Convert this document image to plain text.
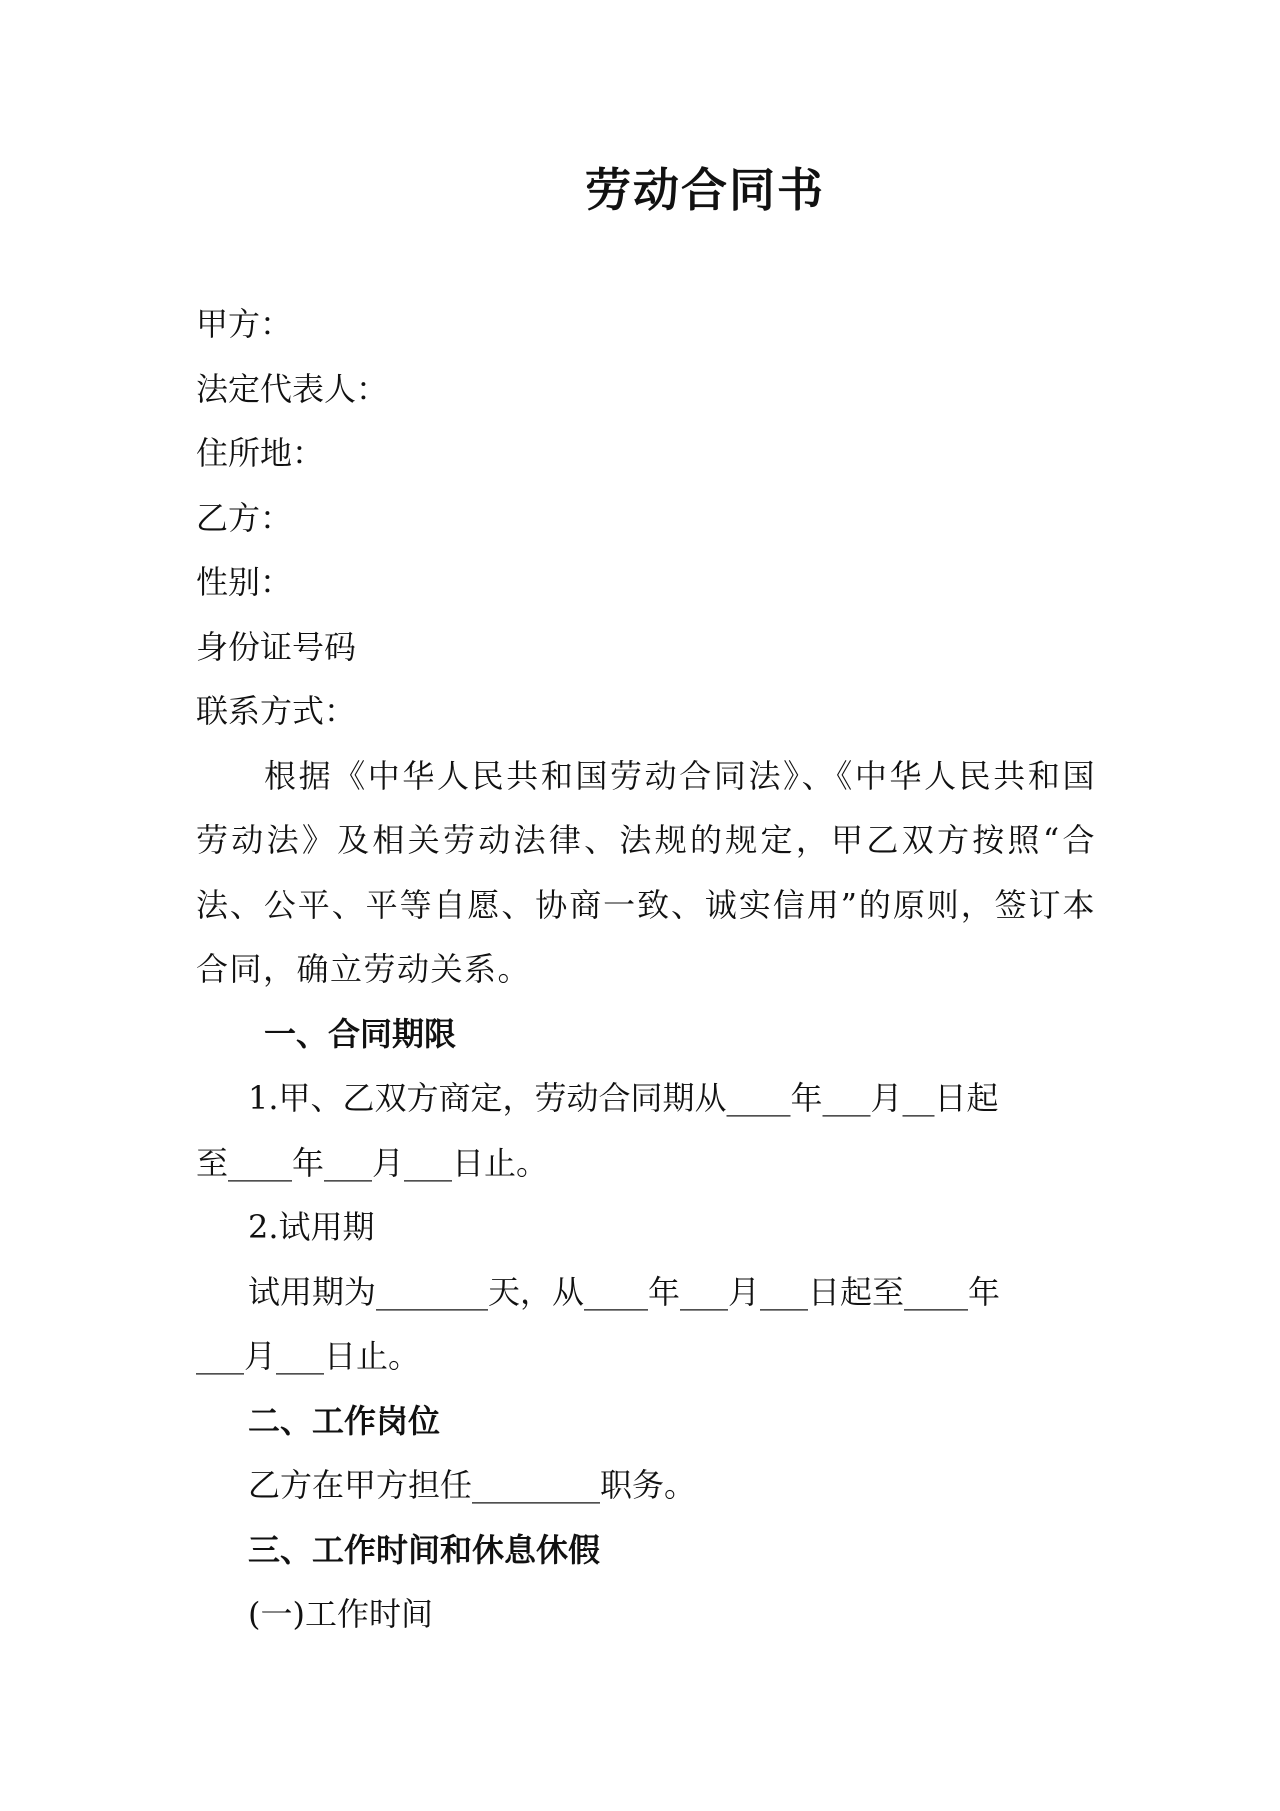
劳动合同书
甲方：
法定代表人：
住所地：
乙方：
性别：
身份证号码
联系方式：
根据《中华人民共和国劳动合同法》、《中华人民共和国劳动法》及相关劳动法律、法规的规定，甲乙双方按照“合法、公平、平等自愿、协商一致、诚实信用”的原则，签订本合同，确立劳动关系。
一、合同期限
1.甲、乙双方商定，劳动合同期从____年___月__日起
至____年___月___日止。
2.试用期
试用期为_______天，从____年___月___日起至____年
___月___日止。
二、工作岗位
乙方在甲方担任________职务。
三、工作时间和休息休假
(一)工作时间
